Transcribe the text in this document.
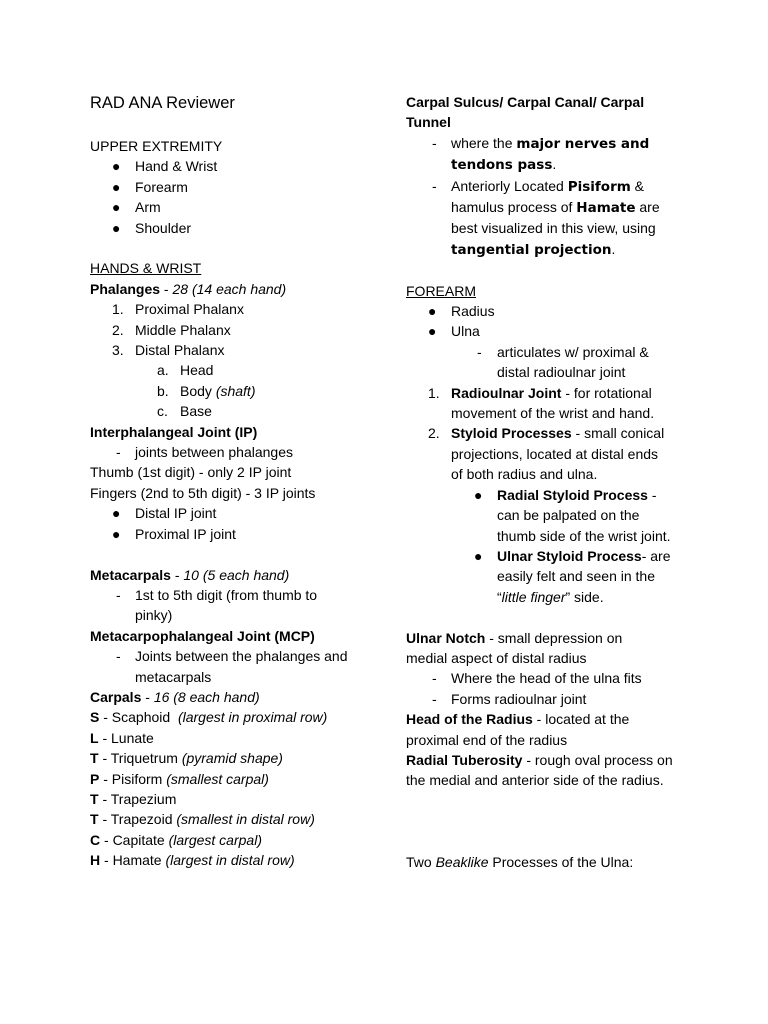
RAD ANA Reviewer
UPPER EXTREMITY
● Hand & Wrist
● Forearm
● Arm
● Shoulder
HANDS & WRIST
Phalanges - 28 (14 each hand)
1. Proximal Phalanx
2. Middle Phalanx
3. Distal Phalanx
a. Head
b. Body (shaft)
c. Base
Interphalangeal Joint (IP)
- joints between phalanges
Thumb (1st digit) - only 2 IP joint
Fingers (2nd to 5th digit) - 3 IP joints
● Distal IP joint
● Proximal IP joint
Metacarpals - 10 (5 each hand)
- 1st to 5th digit (from thumb to pinky)
Metacarpophalangeal Joint (MCP)
- Joints between the phalanges and metacarpals
Carpals - 16 (8 each hand)
S - Scaphoid  (largest in proximal row)
L - Lunate
T - Triquetrum (pyramid shape)
P - Pisiform (smallest carpal)
T - Trapezium
T - Trapezoid (smallest in distal row)
C - Capitate (largest carpal)
H - Hamate (largest in distal row)
Carpal Sulcus/ Carpal Canal/ Carpal Tunnel
- where the major nerves and tendons pass.
- Anteriorly Located Pisiform & hamulus process of Hamate are best visualized in this view, using tangential projection.
FOREARM
● Radius
● Ulna
- articulates w/ proximal & distal radioulnar joint
1. Radioulnar Joint - for rotational movement of the wrist and hand.
2. Styloid Processes - small conical projections, located at distal ends of both radius and ulna.
● Radial Styloid Process - can be palpated on the thumb side of the wrist joint.
● Ulnar Styloid Process- are easily felt and seen in the “little finger” side.
Ulnar Notch - small depression on medial aspect of distal radius
- Where the head of the ulna fits
- Forms radioulnar joint
Head of the Radius - located at the proximal end of the radius
Radial Tuberosity - rough oval process on the medial and anterior side of the radius.
Two Beaklike Processes of the Ulna:
